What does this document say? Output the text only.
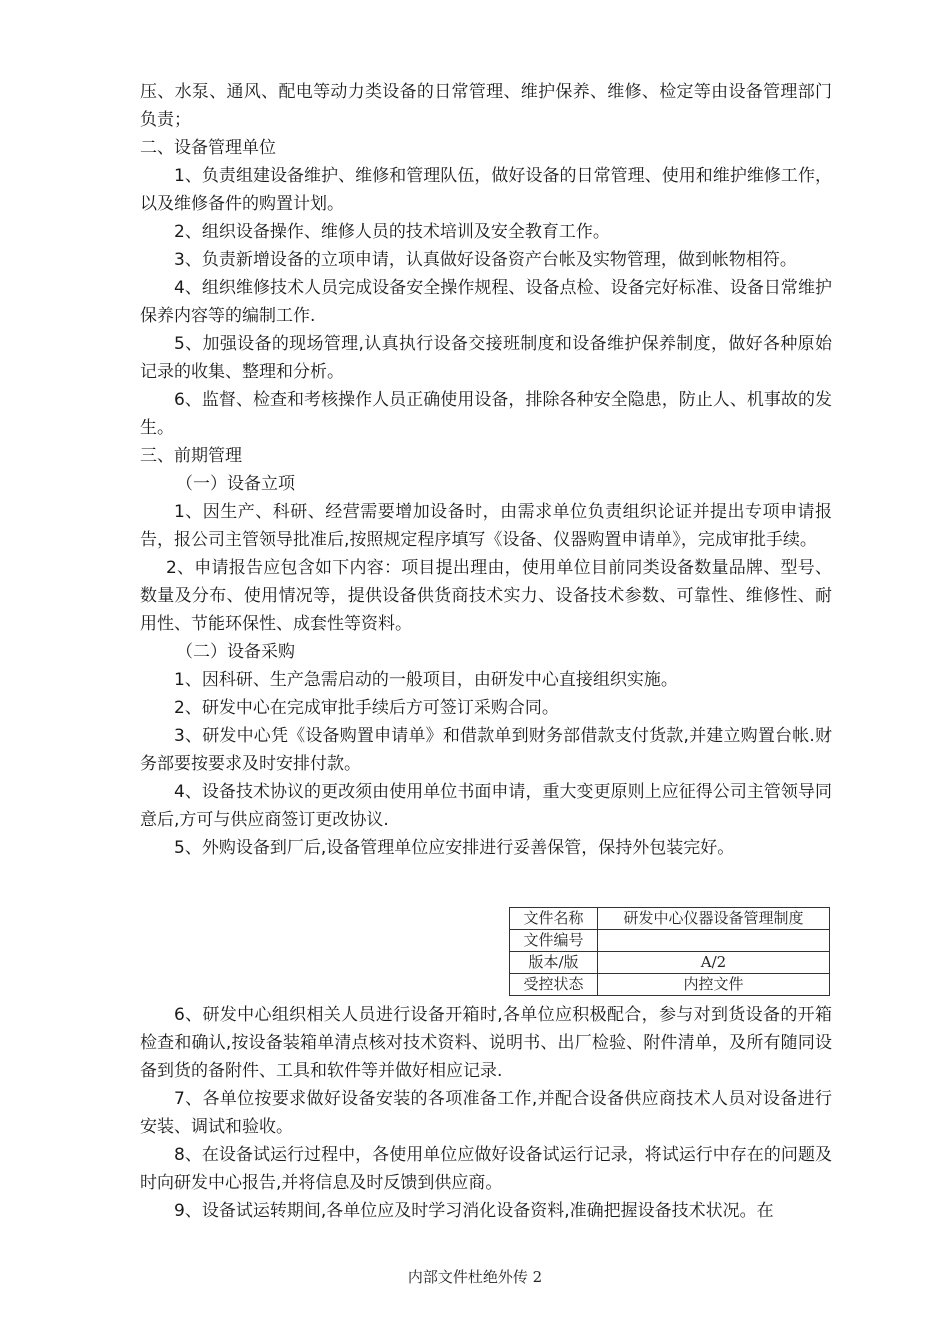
压、水泵、通风、配电等动力类设备的日常管理、维护保养、维修、检定等由设备管理部门负责；

二、设备管理单位

1、负责组建设备维护、维修和管理队伍，做好设备的日常管理、使用和维护维修工作，以及维修备件的购置计划。

2、组织设备操作、维修人员的技术培训及安全教育工作。

3、负责新增设备的立项申请，认真做好设备资产台帐及实物管理，做到帐物相符。

4、组织维修技术人员完成设备安全操作规程、设备点检、设备完好标准、设备日常维护保养内容等的编制工作.

5、加强设备的现场管理,认真执行设备交接班制度和设备维护保养制度，做好各种原始记录的收集、整理和分析。

6、监督、检查和考核操作人员正确使用设备，排除各种安全隐患，防止人、机事故的发生。

三、前期管理

（一）设备立项

1、因生产、科研、经营需要增加设备时，由需求单位负责组织论证并提出专项申请报告，报公司主管领导批准后,按照规定程序填写《设备、仪器购置申请单》，完成审批手续。

2、申请报告应包含如下内容：项目提出理由，使用单位目前同类设备数量品牌、型号、数量及分布、使用情况等，提供设备供货商技术实力、设备技术参数、可靠性、维修性、耐用性、节能环保性、成套性等资料。

（二）设备采购

1、因科研、生产急需启动的一般项目，由研发中心直接组织实施。

2、研发中心在完成审批手续后方可签订采购合同。

3、研发中心凭《设备购置申请单》和借款单到财务部借款支付货款,并建立购置台帐.财务部要按要求及时安排付款。

4、设备技术协议的更改须由使用单位书面申请，重大变更原则上应征得公司主管领导同意后,方可与供应商签订更改协议.

5、外购设备到厂后,设备管理单位应安排进行妥善保管，保持外包装完好。

文件名称	研发中心仪器设备管理制度
文件编号	
版本/版	A/2
受控状态	内控文件

6、研发中心组织相关人员进行设备开箱时,各单位应积极配合，参与对到货设备的开箱检查和确认,按设备装箱单清点核对技术资料、说明书、出厂检验、附件清单，及所有随同设备到货的备附件、工具和软件等并做好相应记录.

7、各单位按要求做好设备安装的各项准备工作,并配合设备供应商技术人员对设备进行安装、调试和验收。

8、在设备试运行过程中，各使用单位应做好设备试运行记录，将试运行中存在的问题及时向研发中心报告,并将信息及时反馈到供应商。

9、设备试运转期间,各单位应及时学习消化设备资料,准确把握设备技术状况。在

内部文件杜绝外传 2
